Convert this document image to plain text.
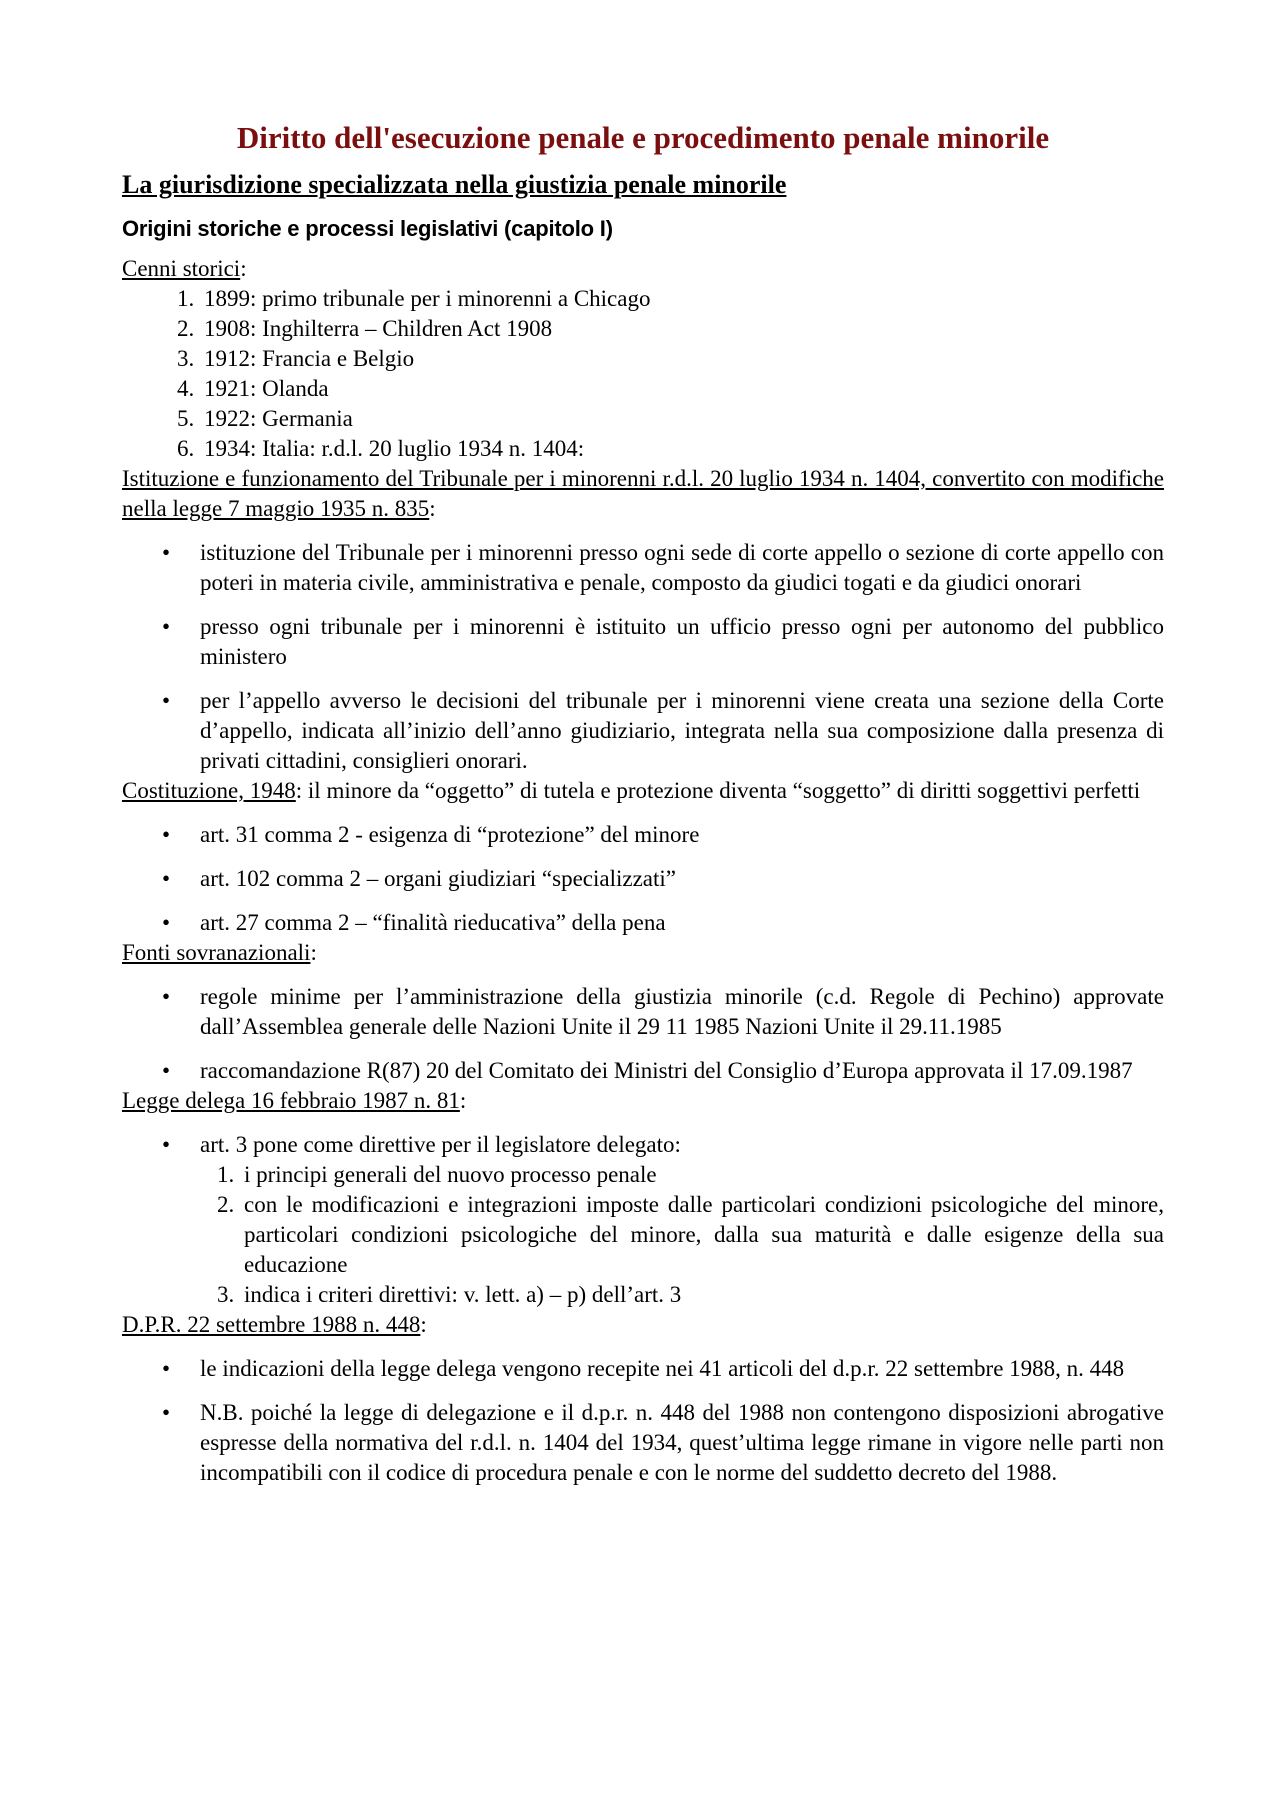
Diritto dell'esecuzione penale e procedimento penale minorile
La giurisdizione specializzata nella giustizia penale minorile
Origini storiche e processi legislativi (capitolo I)

Cenni storici:

1. 1899: primo tribunale per i minorenni a Chicago
2. 1908: Inghilterra – Children Act 1908
3. 1912: Francia e Belgio
4. 1921: Olanda
5. 1922: Germania
6. 1934: Italia: r.d.l. 20 luglio 1934 n. 1404:

Istituzione e funzionamento del Tribunale per i minorenni r.d.l. 20 luglio 1934 n. 1404, convertito con modifiche nella legge 7 maggio 1935 n. 835:

• istituzione del Tribunale per i minorenni presso ogni sede di corte appello o sezione di corte appello con poteri in materia civile, amministrativa e penale, composto da giudici togati e da giudici onorari
• presso ogni tribunale per i minorenni è istituito un ufficio presso ogni per autonomo del pubblico ministero
• per l’appello avverso le decisioni del tribunale per i minorenni viene creata una sezione della Corte d’appello, indicata all’inizio dell’anno giudiziario, integrata nella sua composizione dalla presenza di privati cittadini, consiglieri onorari.

Costituzione, 1948: il minore da “oggetto” di tutela e protezione diventa “soggetto” di diritti soggettivi perfetti

• art. 31 comma 2 - esigenza di “protezione” del minore
• art. 102 comma 2 – organi giudiziari “specializzati”
• art. 27 comma 2 – “finalità rieducativa” della pena

Fonti sovranazionali:

• regole minime per l’amministrazione della giustizia minorile (c.d. Regole di Pechino) approvate dall’Assemblea generale delle Nazioni Unite il 29 11 1985 Nazioni Unite il 29.11.1985
• raccomandazione R(87) 20 del Comitato dei Ministri del Consiglio d’Europa approvata il 17.09.1987

Legge delega 16 febbraio 1987 n. 81:

• art. 3 pone come direttive per il legislatore delegato:
1. i principi generali del nuovo processo penale
2. con le modificazioni e integrazioni imposte dalle particolari condizioni psicologiche del minore, particolari condizioni psicologiche del minore, dalla sua maturità e dalle esigenze della sua educazione
3. indica i criteri direttivi: v. lett. a) – p) dell’art. 3

D.P.R. 22 settembre 1988 n. 448:

• le indicazioni della legge delega vengono recepite nei 41 articoli del d.p.r. 22 settembre 1988, n. 448
• N.B. poiché la legge di delegazione e il d.p.r. n. 448 del 1988 non contengono disposizioni abrogative espresse della normativa del r.d.l. n. 1404 del 1934, quest’ultima legge rimane in vigore nelle parti non incompatibili con il codice di procedura penale e con le norme del suddetto decreto del 1988.
